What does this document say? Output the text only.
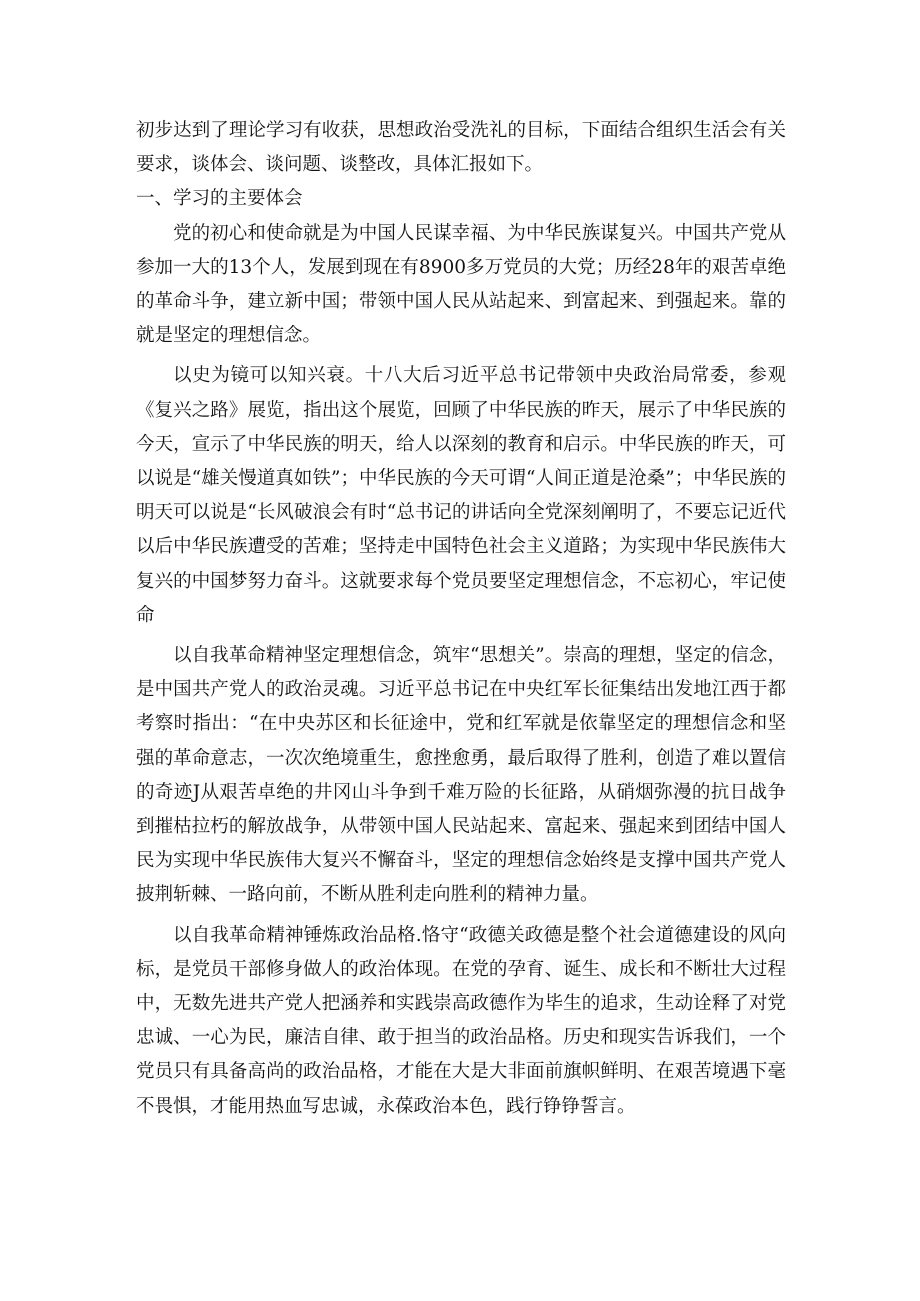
初步达到了理论学习有收获，思想政治受洗礼的目标，下面结合组织生活会有关要求，谈体会、谈问题、谈整改，具体汇报如下。

一、学习的主要体会

党的初心和使命就是为中国人民谋幸福、为中华民族谋复兴。中国共产党从参加一大的13个人，发展到现在有8900多万党员的大党；历经28年的艰苦卓绝的革命斗争，建立新中国；带领中国人民从站起来、到富起来、到强起来。靠的就是坚定的理想信念。

以史为镜可以知兴衰。十八大后习近平总书记带领中央政治局常委，参观《复兴之路》展览，指出这个展览，回顾了中华民族的昨天，展示了中华民族的今天，宣示了中华民族的明天，给人以深刻的教育和启示。中华民族的昨天，可以说是“雄关慢道真如铁”；中华民族的今天可谓“人间正道是沧桑”；中华民族的明天可以说是“长风破浪会有时“总书记的讲话向全党深刻阐明了，不要忘记近代以后中华民族遭受的苦难；坚持走中国特色社会主义道路；为实现中华民族伟大复兴的中国梦努力奋斗。这就要求每个党员要坚定理想信念，不忘初心，牢记使命

以自我革命精神坚定理想信念，筑牢“思想关”。崇高的理想，坚定的信念，是中国共产党人的政治灵魂。习近平总书记在中央红军长征集结出发地江西于都考察时指出：“在中央苏区和长征途中，党和红军就是依靠坚定的理想信念和坚强的革命意志，一次次绝境重生，愈挫愈勇，最后取得了胜利，创造了难以置信的奇迹J从艰苦卓绝的井冈山斗争到千难万险的长征路，从硝烟弥漫的抗日战争到摧枯拉朽的解放战争，从带领中国人民站起来、富起来、强起来到团结中国人民为实现中华民族伟大复兴不懈奋斗，坚定的理想信念始终是支撑中国共产党人披荆斩棘、一路向前，不断从胜利走向胜利的精神力量。

以自我革命精神锤炼政治品格.恪守“政德关政德是整个社会道德建设的风向标，是党员干部修身做人的政治体现。在党的孕育、诞生、成长和不断壮大过程中，无数先进共产党人把涵养和实践崇高政德作为毕生的追求，生动诠释了对党忠诚、一心为民，廉洁自律、敢于担当的政治品格。历史和现实告诉我们，一个党员只有具备高尚的政治品格，才能在大是大非面前旗帜鲜明、在艰苦境遇下毫不畏惧，才能用热血写忠诚，永葆政治本色，践行铮铮誓言。
